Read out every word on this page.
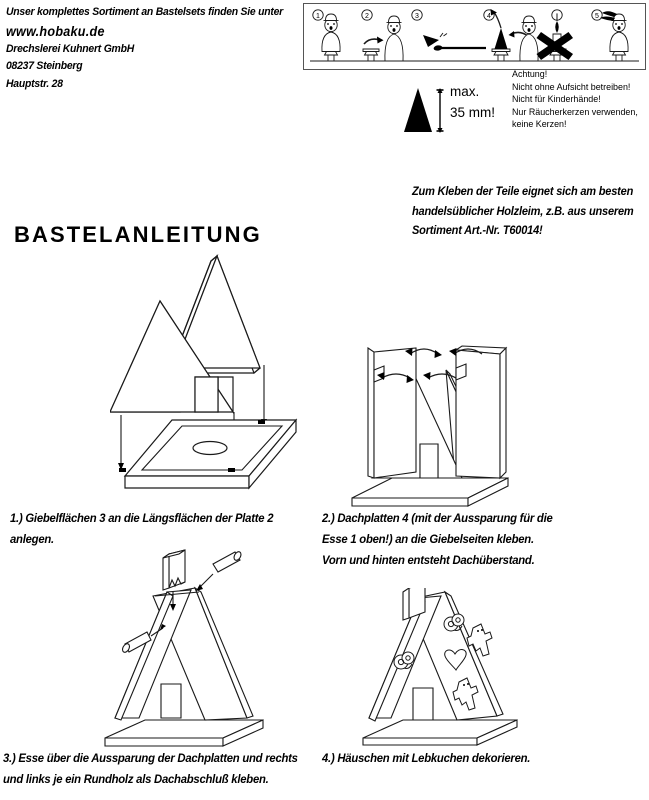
Unser komplettes Sortiment an Bastelsets finden Sie unter
www.hobaku.de
Drechslerei Kuhnert GmbH
08237 Steinberg
Hauptstr. 28
1	2	3	4	!	5
max.
35 mm!
Achtung!
Nicht ohne Aufsicht betreiben!
Nicht für Kinderhände!
Nur Räucherkerzen verwenden,
keine Kerzen!
Zum Kleben der Teile eignet sich am besten
handelsüblicher Holzleim, z.B. aus unserem
Sortiment Art.-Nr. T60014!
BASTELANLEITUNG
1.) Giebelflächen 3 an die Längsflächen der Platte 2
anlegen.
2.) Dachplatten 4 (mit der Aussparung für die
Esse 1 oben!) an die Giebelseiten kleben.
Vorn und hinten entsteht Dachüberstand.
3.) Esse über die Aussparung der Dachplatten und rechts
und links je ein Rundholz als Dachabschluß kleben.
4.) Häuschen mit Lebkuchen dekorieren.
